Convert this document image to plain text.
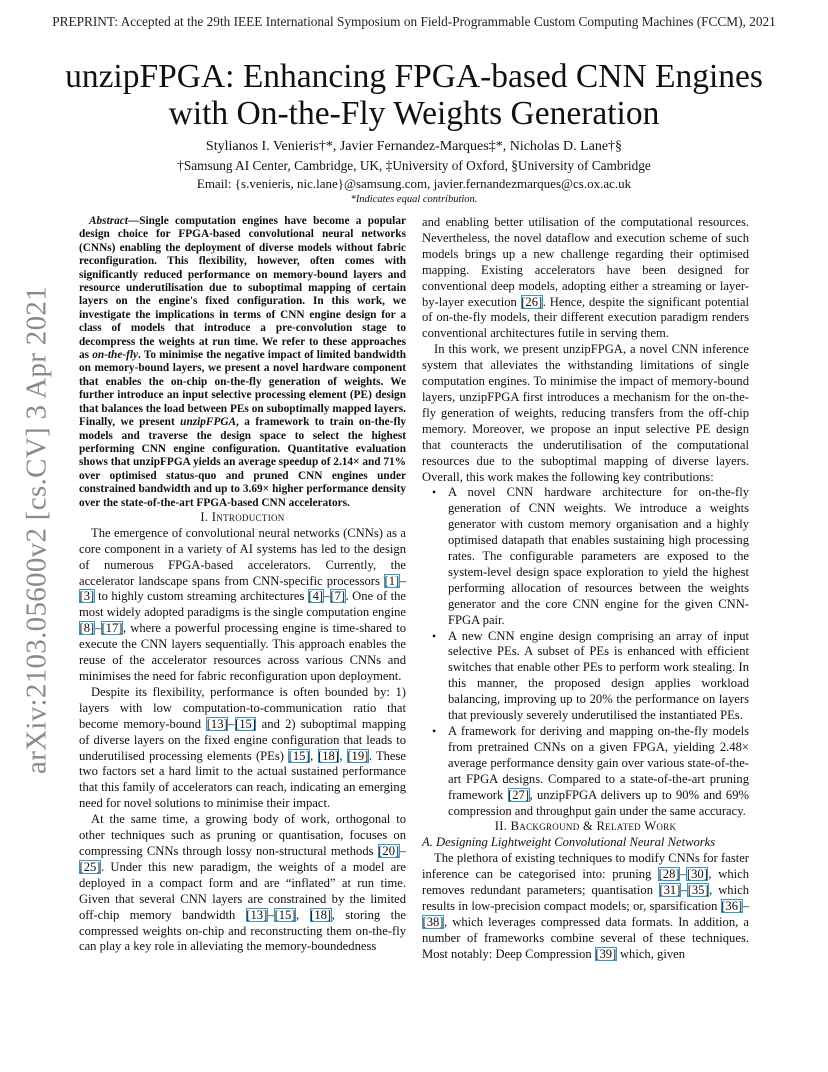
PREPRINT: Accepted at the 29th IEEE International Symposium on Field-Programmable Custom Computing Machines (FCCM), 2021
arXiv:2103.05600v2 [cs.CV] 3 Apr 2021
unzipFPGA: Enhancing FPGA-based CNN Engines
with On-the-Fly Weights Generation
Stylianos I. Venieris†*, Javier Fernandez-Marques‡*, Nicholas D. Lane†§
†Samsung AI Center, Cambridge, UK, ‡University of Oxford, §University of Cambridge
Email: {s.venieris, nic.lane}@samsung.com, javier.fernandezmarques@cs.ox.ac.uk
*Indicates equal contribution.

Abstract—Single computation engines have become a popular design choice for FPGA-based convolutional neural networks (CNNs) enabling the deployment of diverse models without fabric reconfiguration. This flexibility, however, often comes with significantly reduced performance on memory-bound layers and resource underutilisation due to suboptimal mapping of certain layers on the engine's fixed configuration. In this work, we investigate the implications in terms of CNN engine design for a class of models that introduce a pre-convolution stage to decompress the weights at run time. We refer to these approaches as on-the-fly. To minimise the negative impact of limited bandwidth on memory-bound layers, we present a novel hardware component that enables the on-chip on-the-fly generation of weights. We further introduce an input selective processing element (PE) design that balances the load between PEs on suboptimally mapped layers. Finally, we present unzipFPGA, a framework to train on-the-fly models and traverse the design space to select the highest performing CNN engine configuration. Quantitative evaluation shows that unzipFPGA yields an average speedup of 2.14× and 71% over optimised status-quo and pruned CNN engines under constrained bandwidth and up to 3.69× higher performance density over the state-of-the-art FPGA-based CNN accelerators.

I. Introduction

The emergence of convolutional neural networks (CNNs) as a core component in a variety of AI systems has led to the design of numerous FPGA-based accelerators. Currently, the accelerator landscape spans from CNN-specific processors [1]–[3] to highly custom streaming architectures [4]–[7]. One of the most widely adopted paradigms is the single computation engine [8]–[17], where a powerful processing engine is time-shared to execute the CNN layers sequentially. This approach enables the reuse of the accelerator resources across various CNNs and minimises the need for fabric reconfiguration upon deployment.

Despite its flexibility, performance is often bounded by: 1) layers with low computation-to-communication ratio that become memory-bound [13]–[15] and 2) suboptimal mapping of diverse layers on the fixed engine configuration that leads to underutilised processing elements (PEs) [15], [18], [19]. These two factors set a hard limit to the actual sustained performance that this family of accelerators can reach, indicating an emerging need for novel solutions to minimise their impact.

At the same time, a growing body of work, orthogonal to other techniques such as pruning or quantisation, focuses on compressing CNNs through lossy non-structural methods [20]–[25]. Under this new paradigm, the weights of a model are deployed in a compact form and are “inflated” at run time. Given that several CNN layers are constrained by the limited off-chip memory bandwidth [13]–[15], [18], storing the compressed weights on-chip and reconstructing them on-the-fly can play a key role in alleviating the memory-boundedness

and enabling better utilisation of the computational resources. Nevertheless, the novel dataflow and execution scheme of such models brings up a new challenge regarding their optimised mapping. Existing accelerators have been designed for conventional deep models, adopting either a streaming or layer-by-layer execution [26]. Hence, despite the significant potential of on-the-fly models, their different execution paradigm renders conventional architectures futile in serving them.

In this work, we present unzipFPGA, a novel CNN inference system that alleviates the withstanding limitations of single computation engines. To minimise the impact of memory-bound layers, unzipFPGA first introduces a mechanism for the on-the-fly generation of weights, reducing transfers from the off-chip memory. Moreover, we propose an input selective PE design that counteracts the underutilisation of the computational resources due to the suboptimal mapping of diverse layers. Overall, this work makes the following key contributions:

• A novel CNN hardware architecture for on-the-fly generation of CNN weights. We introduce a weights generator with custom memory organisation and a highly optimised datapath that enables sustaining high processing rates. The configurable parameters are exposed to the system-level design space exploration to yield the highest performing allocation of resources between the weights generator and the core CNN engine for the given CNN-FPGA pair.
• A new CNN engine design comprising an array of input selective PEs. A subset of PEs is enhanced with efficient switches that enable other PEs to perform work stealing. In this manner, the proposed design applies workload balancing, improving up to 20% the performance on layers that previously severely underutilised the instantiated PEs.
• A framework for deriving and mapping on-the-fly models from pretrained CNNs on a given FPGA, yielding 2.48× average performance density gain over various state-of-the-art FPGA designs. Compared to a state-of-the-art pruning framework [27], unzipFPGA delivers up to 90% and 69% compression and throughput gain under the same accuracy.

II. Background & Related Work

A. Designing Lightweight Convolutional Neural Networks

The plethora of existing techniques to modify CNNs for faster inference can be categorised into: pruning [28]–[30], which removes redundant parameters; quantisation [31]–[35], which results in low-precision compact models; or, sparsification [36]–[38], which leverages compressed data formats. In addition, a number of frameworks combine several of these techniques. Most notably: Deep Compression [39] which, given
